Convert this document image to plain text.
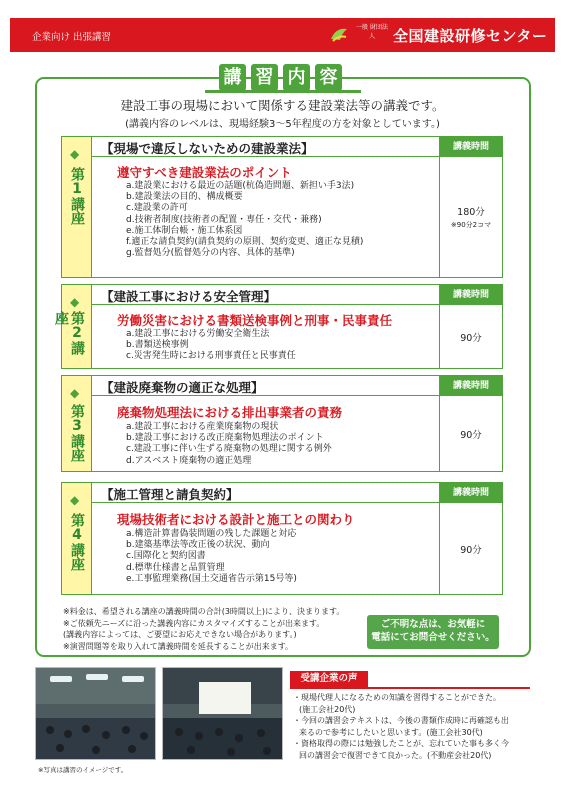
企業向け 出張講習
一般 財団法人	全国建設研修センター
講 習 内 容
建設工事の現場において関係する建設業法等の講義です。
(講義内容のレベルは、現場経験3～5年程度の方を対象としています。)
◆
第1講座
【現場で違反しないための建設業法】	講義時間
180分
※90分2コマ
遵守すべき建設業法のポイント
a.建設業における最近の話題(杭偽造問題、新担い手3法)
b.建設業法の目的、構成概要
c.建設業の許可
d.技術者制度(技術者の配置・専任・交代・兼務)
e.施工体制台帳・施工体系図
f.適正な請負契約(請負契約の原則、契約変更、適正な見積)
g.監督処分(監督処分の内容、具体的基準)
◆
第2講座
【建設工事における安全管理】	講義時間
90分
労働災害における書類送検事例と刑事・民事責任
a.建設工事における労働安全衛生法
b.書類送検事例
c.災害発生時における刑事責任と民事責任
◆
第3講座
【建設廃棄物の適正な処理】	講義時間
90分
廃棄物処理法における排出事業者の責務
a.建設工事における産業廃棄物の現状
b.建設工事における改正廃棄物処理法のポイント
c.建設工事に伴い生ずる廃棄物の処理に関する例外
d.アスベスト廃棄物の適正処理
◆
第4講座
【施工管理と請負契約】	講義時間
90分
現場技術者における設計と施工との関わり
a.構造計算書偽装問題の残した課題と対応
b.建築基準法等改正後の状況、動向
c.国際化と契約図書
d.標準仕様書と品質管理
e.工事監理業務(国土交通省告示第15号等)
※料金は、希望される講座の講義時間の合計(3時間以上)により、決まります。
※ご依頼先ニーズに沿った講義内容にカスタマイズすることが出来ます。
(講義内容によっては、ご要望にお応えできない場合があります。)
※演習問題等を取り入れて講義時間を延長することが出来ます。
ご不明な点は、お気軽に
電話にてお問合せください。
※写真は講習のイメージです。
受講企業の声
・現場代理人になるための知識を習得することができた。
(施工会社20代)
・今回の講習会テキストは、今後の書類作成時に再確認も出
来るので参考にしたいと思います。(施工会社30代)
・資格取得の際には勉強したことが、忘れていた事も多く今
回の講習会で復習できて良かった。(不動産会社20代)
